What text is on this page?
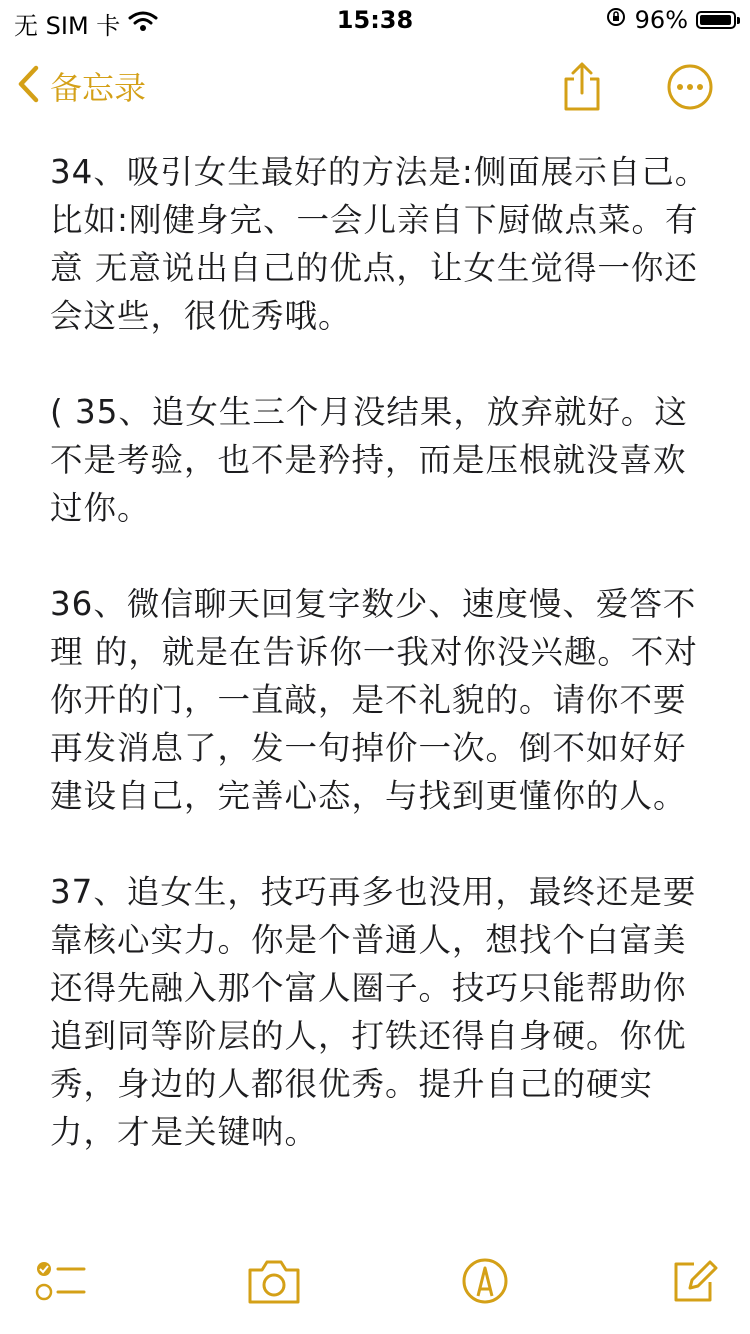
无 SIM 卡	15:38	96%
备忘录

34、吸引女生最好的方法是:侧面展示自己。比如:刚健身完、一会儿亲自下厨做点菜。有意 无意说出自己的优点，让女生觉得一你还 会这些，很优秀哦。

( 35、追女生三个月没结果，放弃就好。这不是考验，也不是矜持，而是压根就没喜欢过你。

36、微信聊天回复字数少、速度慢、爱答不理 的，就是在告诉你一我对你没兴趣。不对你开的门，一直敲，是不礼貌的。请你不要再发消息了，发一句掉价一次。倒不如好好建设自己，完善心态，与找到更懂你的人。

37、追女生，技巧再多也没用，最终还是要靠核心实力。你是个普通人，想找个白富美还得先融入那个富人圈子。技巧只能帮助你追到同等阶层的人，打铁还得自身硬。你优秀，身边的人都很优秀。提升自己的硬实力，才是关键呐。
